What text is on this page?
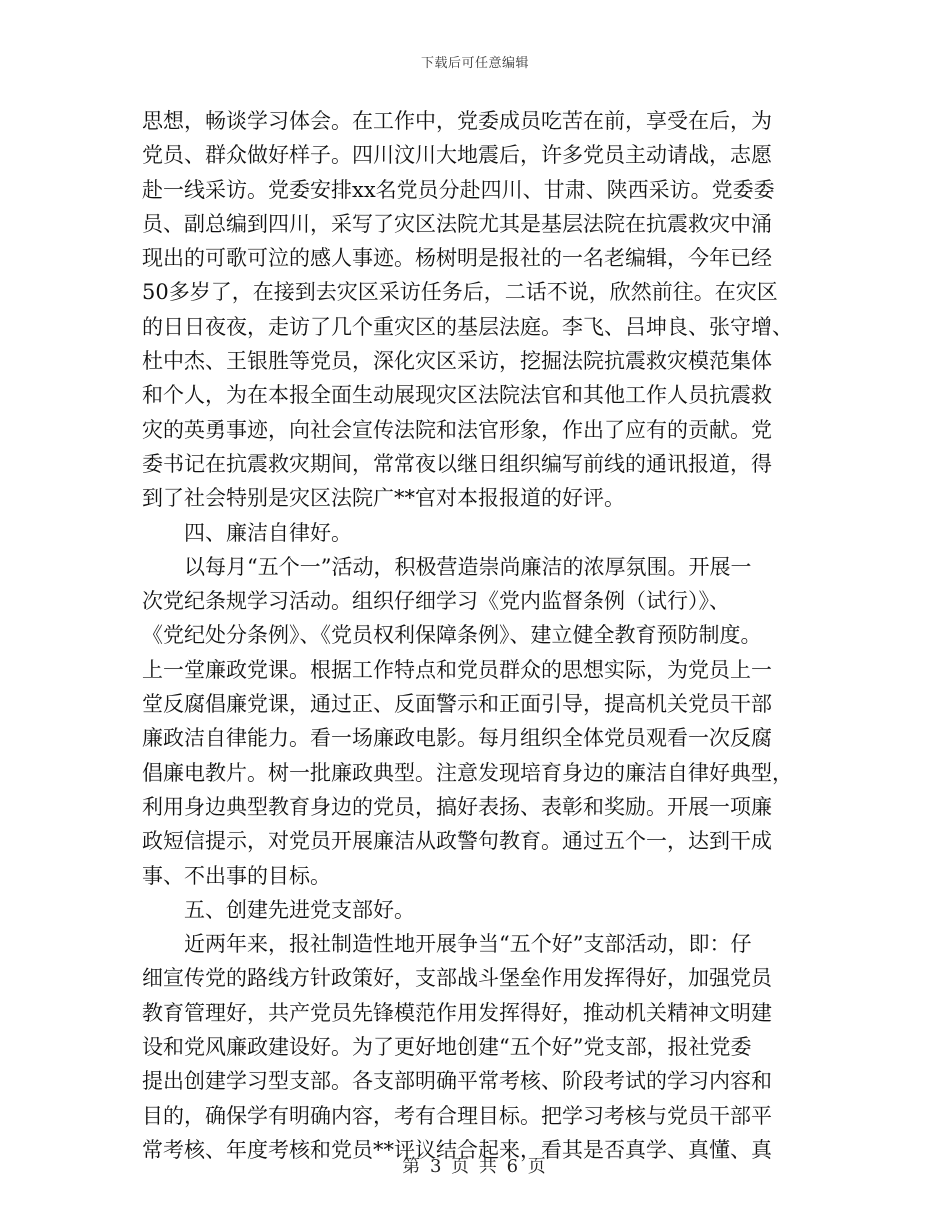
下载后可任意编辑
思想，畅谈学习体会。在工作中，党委成员吃苦在前，享受在后，为
党员、群众做好样子。四川汶川大地震后，许多党员主动请战，志愿
赴一线采访。党委安排xx名党员分赴四川、甘肃、陕西采访。党委委
员、副总编到四川，采写了灾区法院尤其是基层法院在抗震救灾中涌
现出的可歌可泣的感人事迹。杨树明是报社的一名老编辑，今年已经
50多岁了，在接到去灾区采访任务后，二话不说，欣然前往。在灾区
的日日夜夜，走访了几个重灾区的基层法庭。李飞、吕坤良、张守增、
杜中杰、王银胜等党员，深化灾区采访，挖掘法院抗震救灾模范集体
和个人，为在本报全面生动展现灾区法院法官和其他工作人员抗震救
灾的英勇事迹，向社会宣传法院和法官形象，作出了应有的贡献。党
委书记在抗震救灾期间，常常夜以继日组织编写前线的通讯报道，得
到了社会特别是灾区法院广**官对本报报道的好评。
四、廉洁自律好。
以每月“五个一”活动，积极营造崇尚廉洁的浓厚氛围。开展一
次党纪条规学习活动。组织仔细学习《党内监督条例（试行）》、
《党纪处分条例》、《党员权利保障条例》、建立健全教育预防制度。
上一堂廉政党课。根据工作特点和党员群众的思想实际，为党员上一
堂反腐倡廉党课，通过正、反面警示和正面引导，提高机关党员干部
廉政洁自律能力。看一场廉政电影。每月组织全体党员观看一次反腐
倡廉电教片。树一批廉政典型。注意发现培育身边的廉洁自律好典型，
利用身边典型教育身边的党员，搞好表扬、表彰和奖励。开展一项廉
政短信提示，对党员开展廉洁从政警句教育。通过五个一，达到干成
事、不出事的目标。
五、创建先进党支部好。
近两年来，报社制造性地开展争当“五个好”支部活动，即：仔
细宣传党的路线方针政策好，支部战斗堡垒作用发挥得好，加强党员
教育管理好，共产党员先锋模范作用发挥得好，推动机关精神文明建
设和党风廉政建设好。为了更好地创建“五个好”党支部，报社党委
提出创建学习型支部。各支部明确平常考核、阶段考试的学习内容和
目的，确保学有明确内容，考有合理目标。把学习考核与党员干部平
常考核、年度考核和党员**评议结合起来，看其是否真学、真懂、真
第 3 页 共 6 页
